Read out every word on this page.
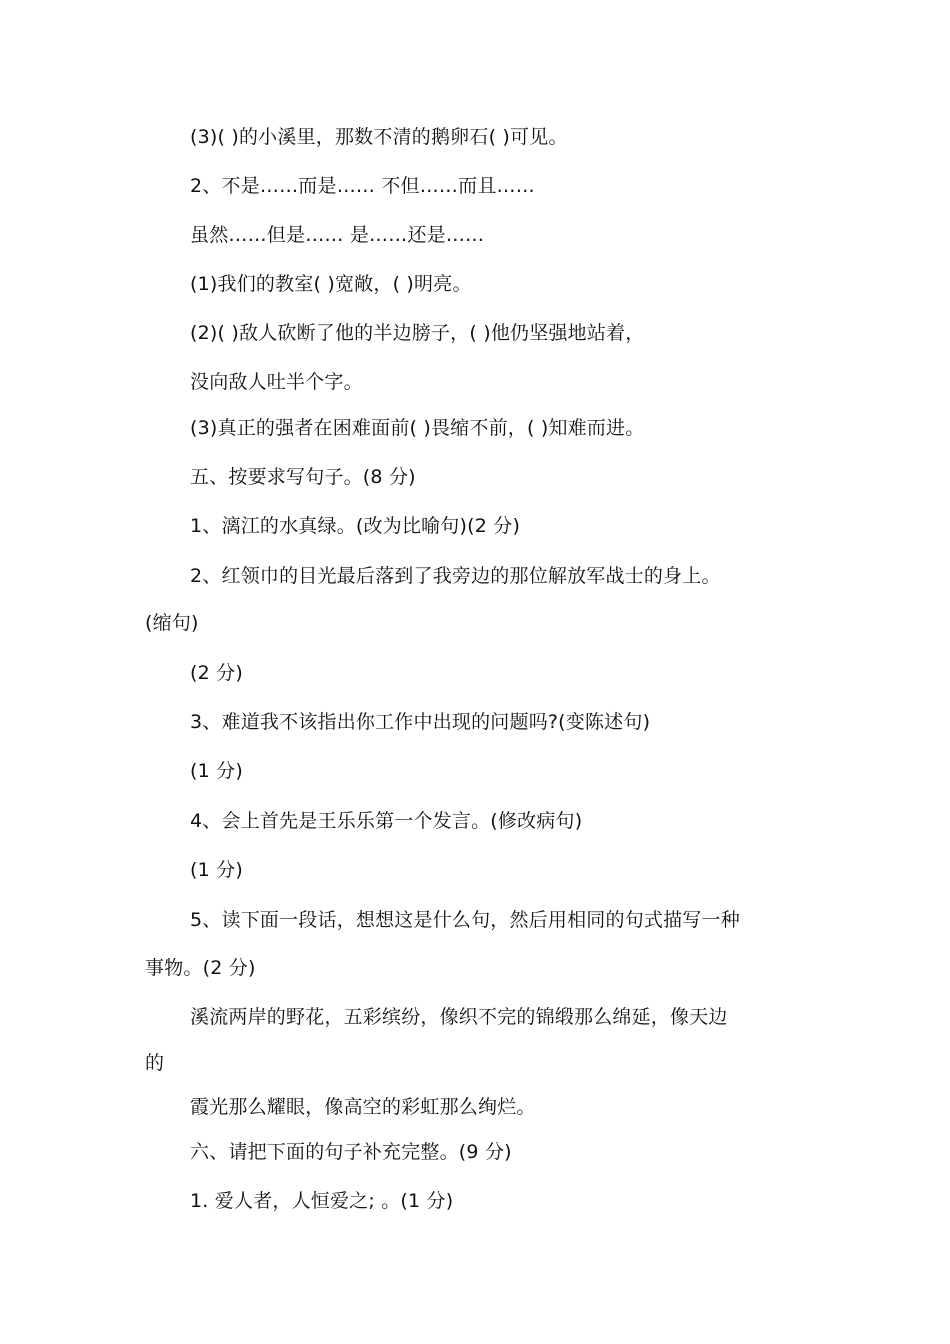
(3)( )的小溪里，那数不清的鹅卵石( )可见。
2、不是……而是…… 不但……而且……
虽然……但是…… 是……还是……
(1)我们的教室( )宽敞，( )明亮。
(2)( )敌人砍断了他的半边膀子，( )他仍坚强地站着，
没向敌人吐半个字。
(3)真正的强者在困难面前( )畏缩不前，( )知难而进。
五、按要求写句子。(8 分)
1、漓江的水真绿。(改为比喻句)(2 分)
2、红领巾的目光最后落到了我旁边的那位解放军战士的身上。
(缩句)
(2 分)
3、难道我不该指出你工作中出现的问题吗?(变陈述句)
(1 分)
4、会上首先是王乐乐第一个发言。(修改病句)
(1 分)
5、读下面一段话，想想这是什么句，然后用相同的句式描写一种
事物。(2 分)
溪流两岸的野花，五彩缤纷，像织不完的锦缎那么绵延，像天边
的
霞光那么耀眼，像高空的彩虹那么绚烂。
六、请把下面的句子补充完整。(9 分)
1. 爱人者，人恒爱之; 。(1 分)
